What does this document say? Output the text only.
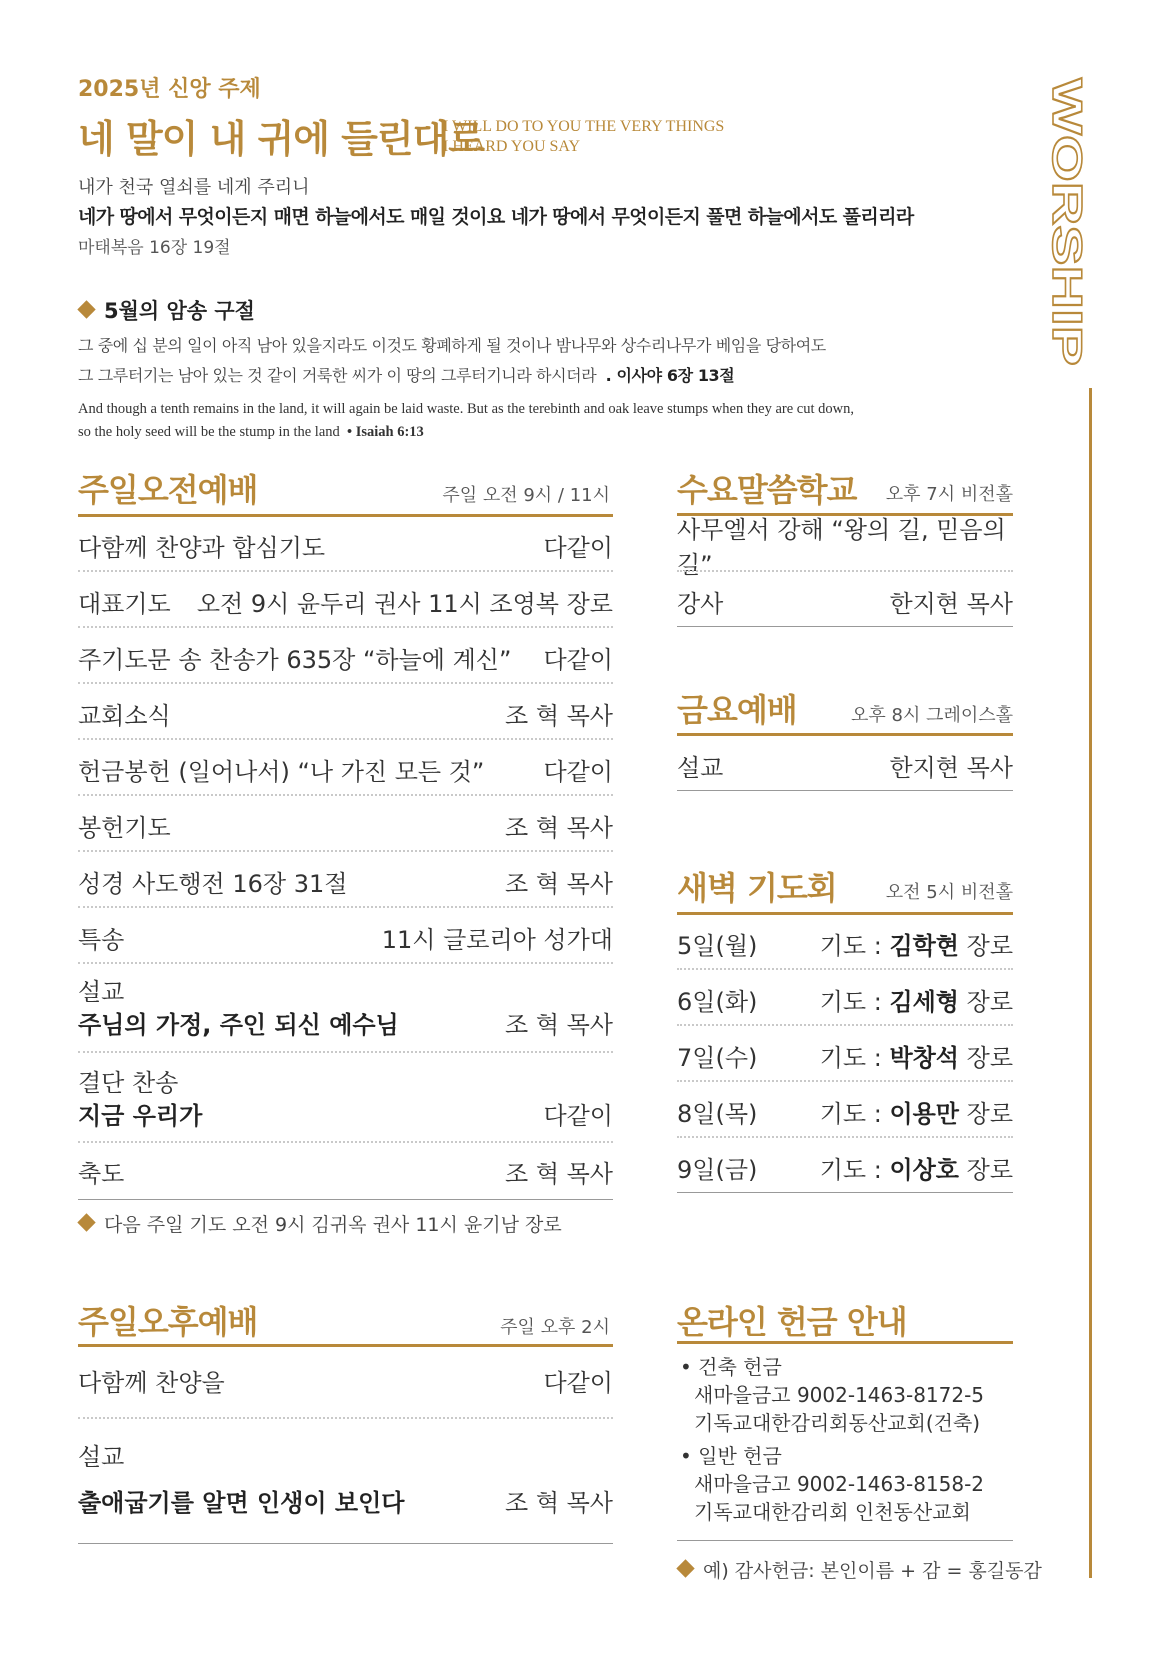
2025년 신앙 주제
네 말이 내 귀에 들린대로
I WILL DO TO YOU THE VERY THINGS
I HEARD YOU SAY
내가 천국 열쇠를 네게 주리니
네가 땅에서 무엇이든지 매면 하늘에서도 매일 것이요 네가 땅에서 무엇이든지 풀면 하늘에서도 풀리리라
마태복음 16장 19절
5월의 암송 구절
그 중에 십 분의 일이 아직 남아 있을지라도 이것도 황폐하게 될 것이나 밤나무와 상수리나무가 베임을 당하여도
그 그루터기는 남아 있는 것 같이 거룩한 씨가 이 땅의 그루터기니라 하시더라 . 이사야 6장 13절
And though a tenth remains in the land, it will again be laid waste. But as the terebinth and oak leave stumps when they are cut down,
so the holy seed will be the stump in the land • Isaiah 6:13
WORSHIP
주일오전예배	주일 오전 9시 / 11시
다함께 찬양과 합심기도	다같이
대표기도 오전 9시 윤두리 권사 11시 조영복 장로
주기도문 송 찬송가 635장 “하늘에 계신” 다같이
교회소식	조 혁 목사
헌금봉헌 (일어나서) “나 가진 모든 것” 다같이
봉헌기도	조 혁 목사
성경 사도행전 16장 31절	조 혁 목사
특송	11시 글로리아 성가대
설교
주님의 가정, 주인 되신 예수님	조 혁 목사
결단 찬송
지금 우리가	다같이
축도	조 혁 목사
다음 주일 기도 오전 9시 김귀옥 권사 11시 윤기남 장로
주일오후예배	주일 오후 2시
다함께 찬양을	다같이
설교
출애굽기를 알면 인생이 보인다	조 혁 목사
수요말씀학교	오후 7시 비전홀
사무엘서 강해 “왕의 길, 믿음의 길”
강사	한지현 목사
금요예배	오후 8시 그레이스홀
설교	한지현 목사
새벽 기도회	오전 5시 비전홀
5일(월)	기도 : 김학현 장로
6일(화)	기도 : 김세형 장로
7일(수)	기도 : 박창석 장로
8일(목)	기도 : 이용만 장로
9일(금)	기도 : 이상호 장로
온라인 헌금 안내
• 건축 헌금
새마을금고 9002-1463-8172-5
기독교대한감리회동산교회(건축)
• 일반 헌금
새마을금고 9002-1463-8158-2
기독교대한감리회 인천동산교회
예) 감사헌금: 본인이름 + 감 = 홍길동감
